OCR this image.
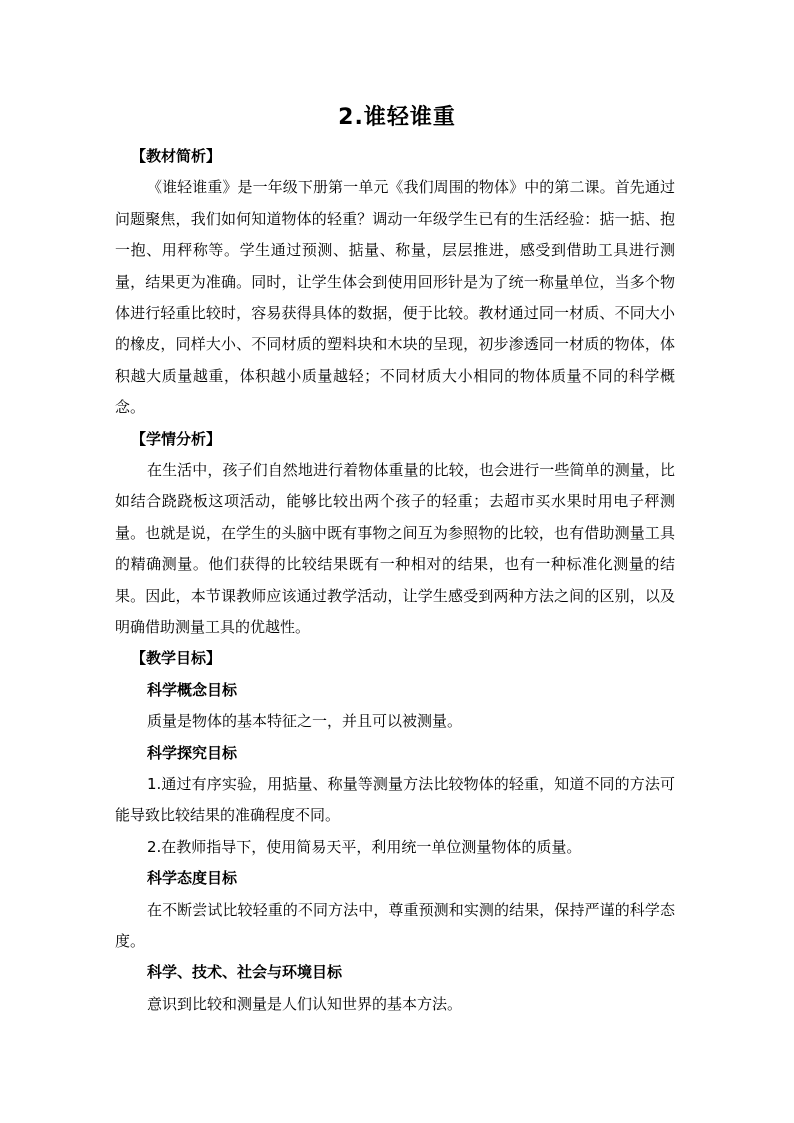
2.谁轻谁重
【教材简析】

《谁轻谁重》是一年级下册第一单元《我们周围的物体》中的第二课。首先通过问题聚焦，我们如何知道物体的轻重？调动一年级学生已有的生活经验：掂一掂、抱一抱、用秤称等。学生通过预测、掂量、称量，层层推进，感受到借助工具进行测量，结果更为准确。同时，让学生体会到使用回形针是为了统一称量单位，当多个物体进行轻重比较时，容易获得具体的数据，便于比较。教材通过同一材质、不同大小的橡皮，同样大小、不同材质的塑料块和木块的呈现，初步渗透同一材质的物体，体积越大质量越重，体积越小质量越轻；不同材质大小相同的物体质量不同的科学概念。

【学情分析】

在生活中，孩子们自然地进行着物体重量的比较，也会进行一些简单的测量，比如结合跷跷板这项活动，能够比较出两个孩子的轻重；去超市买水果时用电子秤测量。也就是说，在学生的头脑中既有事物之间互为参照物的比较，也有借助测量工具的精确测量。他们获得的比较结果既有一种相对的结果，也有一种标准化测量的结果。因此，本节课教师应该通过教学活动，让学生感受到两种方法之间的区别，以及明确借助测量工具的优越性。

【教学目标】
科学概念目标

质量是物体的基本特征之一，并且可以被测量。

科学探究目标

1.通过有序实验，用掂量、称量等测量方法比较物体的轻重，知道不同的方法可能导致比较结果的准确程度不同。

2.在教师指导下，使用简易天平，利用统一单位测量物体的质量。

科学态度目标

在不断尝试比较轻重的不同方法中，尊重预测和实测的结果，保持严谨的科学态度。

科学、技术、社会与环境目标

意识到比较和测量是人们认知世界的基本方法。
